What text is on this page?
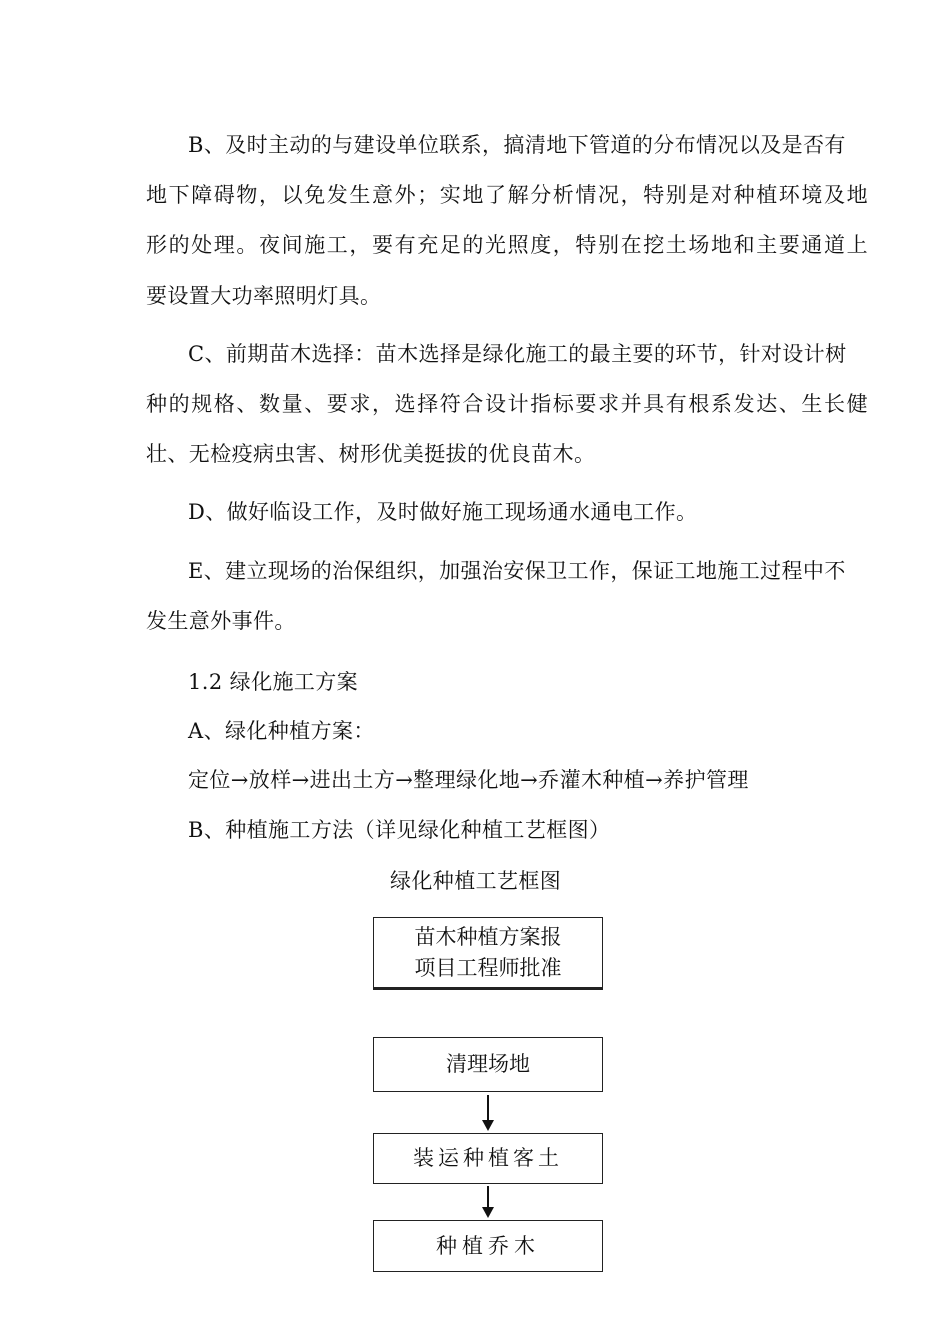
B、及时主动的与建设单位联系，搞清地下管道的分布情况以及是否有
地下障碍物，以免发生意外；实地了解分析情况，特别是对种植环境及地
形的处理。夜间施工，要有充足的光照度，特别在挖土场地和主要通道上
要设置大功率照明灯具。
C、前期苗木选择：苗木选择是绿化施工的最主要的环节，针对设计树
种的规格、数量、要求，选择符合设计指标要求并具有根系发达、生长健
壮、无检疫病虫害、树形优美挺拔的优良苗木。
D、做好临设工作，及时做好施工现场通水通电工作。
E、建立现场的治保组织，加强治安保卫工作，保证工地施工过程中不
发生意外事件。
1.2 绿化施工方案
A、绿化种植方案：
定位→放样→进出土方→整理绿化地→乔灌木种植→养护管理
B、种植施工方法（详见绿化种植工艺框图）
绿化种植工艺框图
苗木种植方案报
项目工程师批准
清理场地
装运种植客土
种植乔木
